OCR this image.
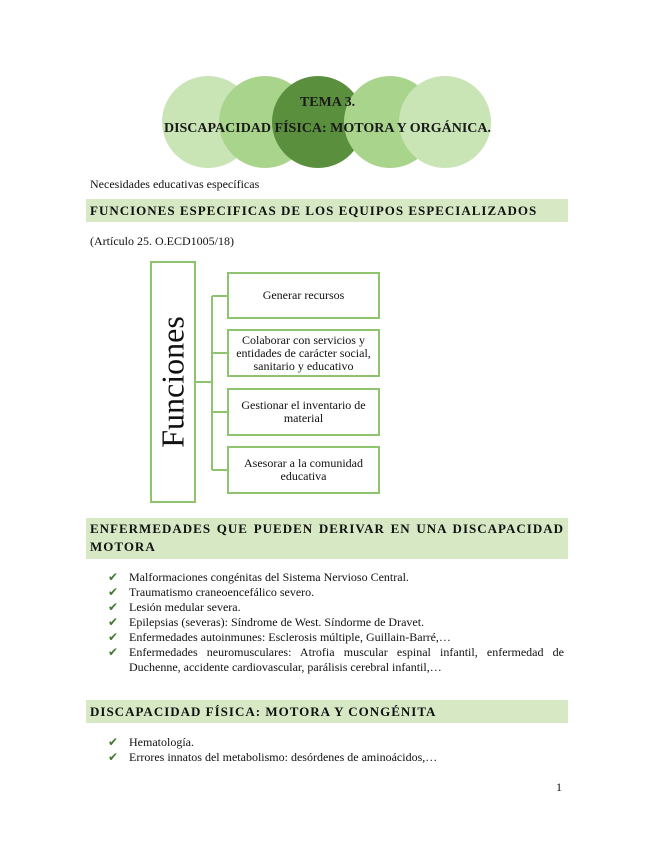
TEMA 3.
DISCAPACIDAD FÍSICA: MOTORA Y ORGÁNICA.
Necesidades educativas específicas
FUNCIONES ESPECIFICAS DE LOS EQUIPOS ESPECIALIZADOS
(Artículo 25. O.ECD1005/18)
Funciones
Generar recursos
Colaborar con servicios y entidades de carácter social, sanitario y educativo
Gestionar el inventario de material
Asesorar a la comunidad educativa
ENFERMEDADES QUE PUEDEN DERIVAR EN UNA DISCAPACIDAD MOTORA
✔ Malformaciones congénitas del Sistema Nervioso Central.
✔ Traumatismo craneoencefálico severo.
✔ Lesión medular severa.
✔ Epilepsias (severas): Síndrome de West. Síndorme de Dravet.
✔ Enfermedades autoinmunes: Esclerosis múltiple, Guillain-Barré,…
✔ Enfermedades neuromusculares: Atrofia muscular espinal infantil, enfermedad de Duchenne, accidente cardiovascular, parálisis cerebral infantil,…
DISCAPACIDAD FÍSICA: MOTORA Y CONGÉNITA
✔ Hematología.
✔ Errores innatos del metabolismo: desórdenes de aminoácidos,…
1
